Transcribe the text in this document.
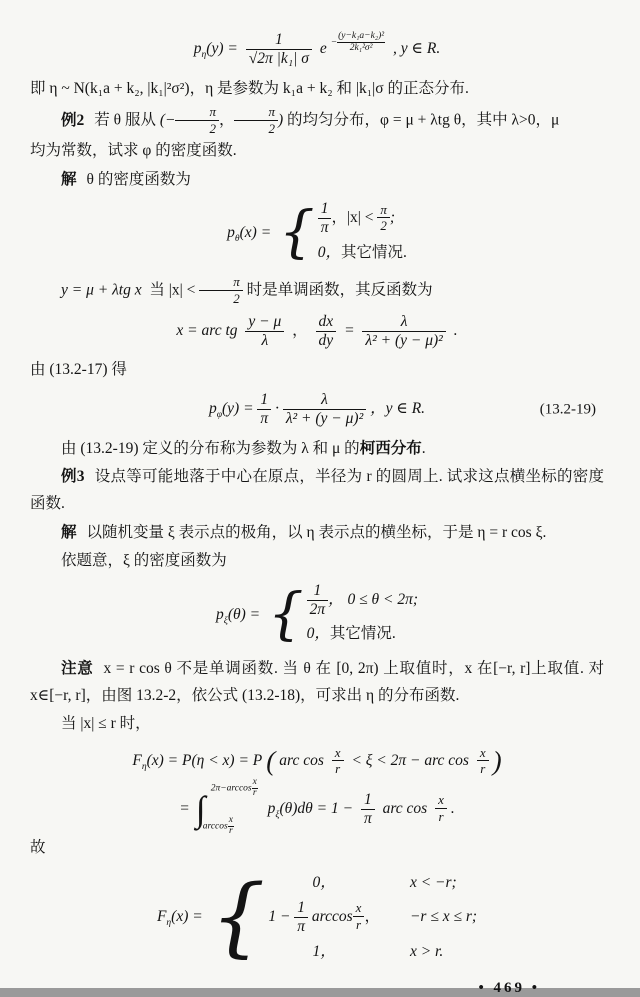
$p_\eta(y) = \frac{1}{\text{√2π |k₁| σ}}$ $e - \frac{\text{(y−k₁a−k₂)²}}{\text{2k₁²σ²}}$ , y ∈ R.

即 η ~ N(k₁a + k₂, |k₁|²σ²)，η 是参数为 k₁a + k₂ 和 |k₁|σ 的正态分布.

例2 若 θ 服从 (− $\frac{\pi}{2}$ ， $\frac{\pi}{2}$ ) 的均匀分布，φ = μ + λtg θ，其中 λ>0，μ

均为常数，试求 φ 的密度函数.

解 θ 的密度函数为

$p_\theta(x)$ = { $\frac{1}{\pi}$ ，$|x| < \frac{\pi}{2}$ ;
0，其它情况.

y = μ + λtg x 当 $|x| < \frac{\pi}{2}$ 时是单调函数，其反函数为

x = arc tg $\frac{y - \mu}{\lambda}$ ， $\frac{dx}{dy} = \frac{\lambda}{\text{λ² + (y − μ)²}}$ .

由 (13.2-17) 得

$p_\varphi(y) = \frac{1}{\pi} \cdot \frac{\lambda}{\text{λ² + (y − μ)²}}$ ，y ∈ R.	(13.2-19)

由 (13.2-19) 定义的分布称为参数为 λ 和 μ 的柯西分布.

例3 设点等可能地落于中心在原点，半径为 r 的圆周上. 试求这点横坐标的密度函数.

解 以随机变量 ξ 表示点的极角，以 η 表示点的横坐标，于是 η = r cos ξ.

依题意，ξ 的密度函数为

$p_\xi(\theta)$ = { $\frac{1}{2\pi}$ ， 0 ≤ θ < 2π;
0，其它情况.

注意 x = r cos θ 不是单调函数. 当 θ 在 [0, 2π) 上取值时，x 在[−r, r]上取值. 对 x∈[−r, r]，由图 13.2-2，依公式 (13.2-18)，可求出 η 的分布函数.

当 |x| ≤ r 时，

$F_\eta(x) = P(\eta < x) = P$ ( arc $\cos \frac{x}{r} < \xi < 2\pi$ − arc $\cos \frac{x}{r}$ )
= ∫
$2\pi-\arccos \frac{x}{r}$
$\arccos \frac{x}{r}$
$p_\xi(\theta)d\theta = 1 - \frac{1}{\pi}$ arc $\cos \frac{x}{r}$ .

故

$F_\eta(x)$ = {	0，	x < −r;
$1 - \frac{1}{\pi}$ $\arccos \frac{x}{r}$ ， −r ≤ x ≤ r;
1，	x > r.
• 469 •
